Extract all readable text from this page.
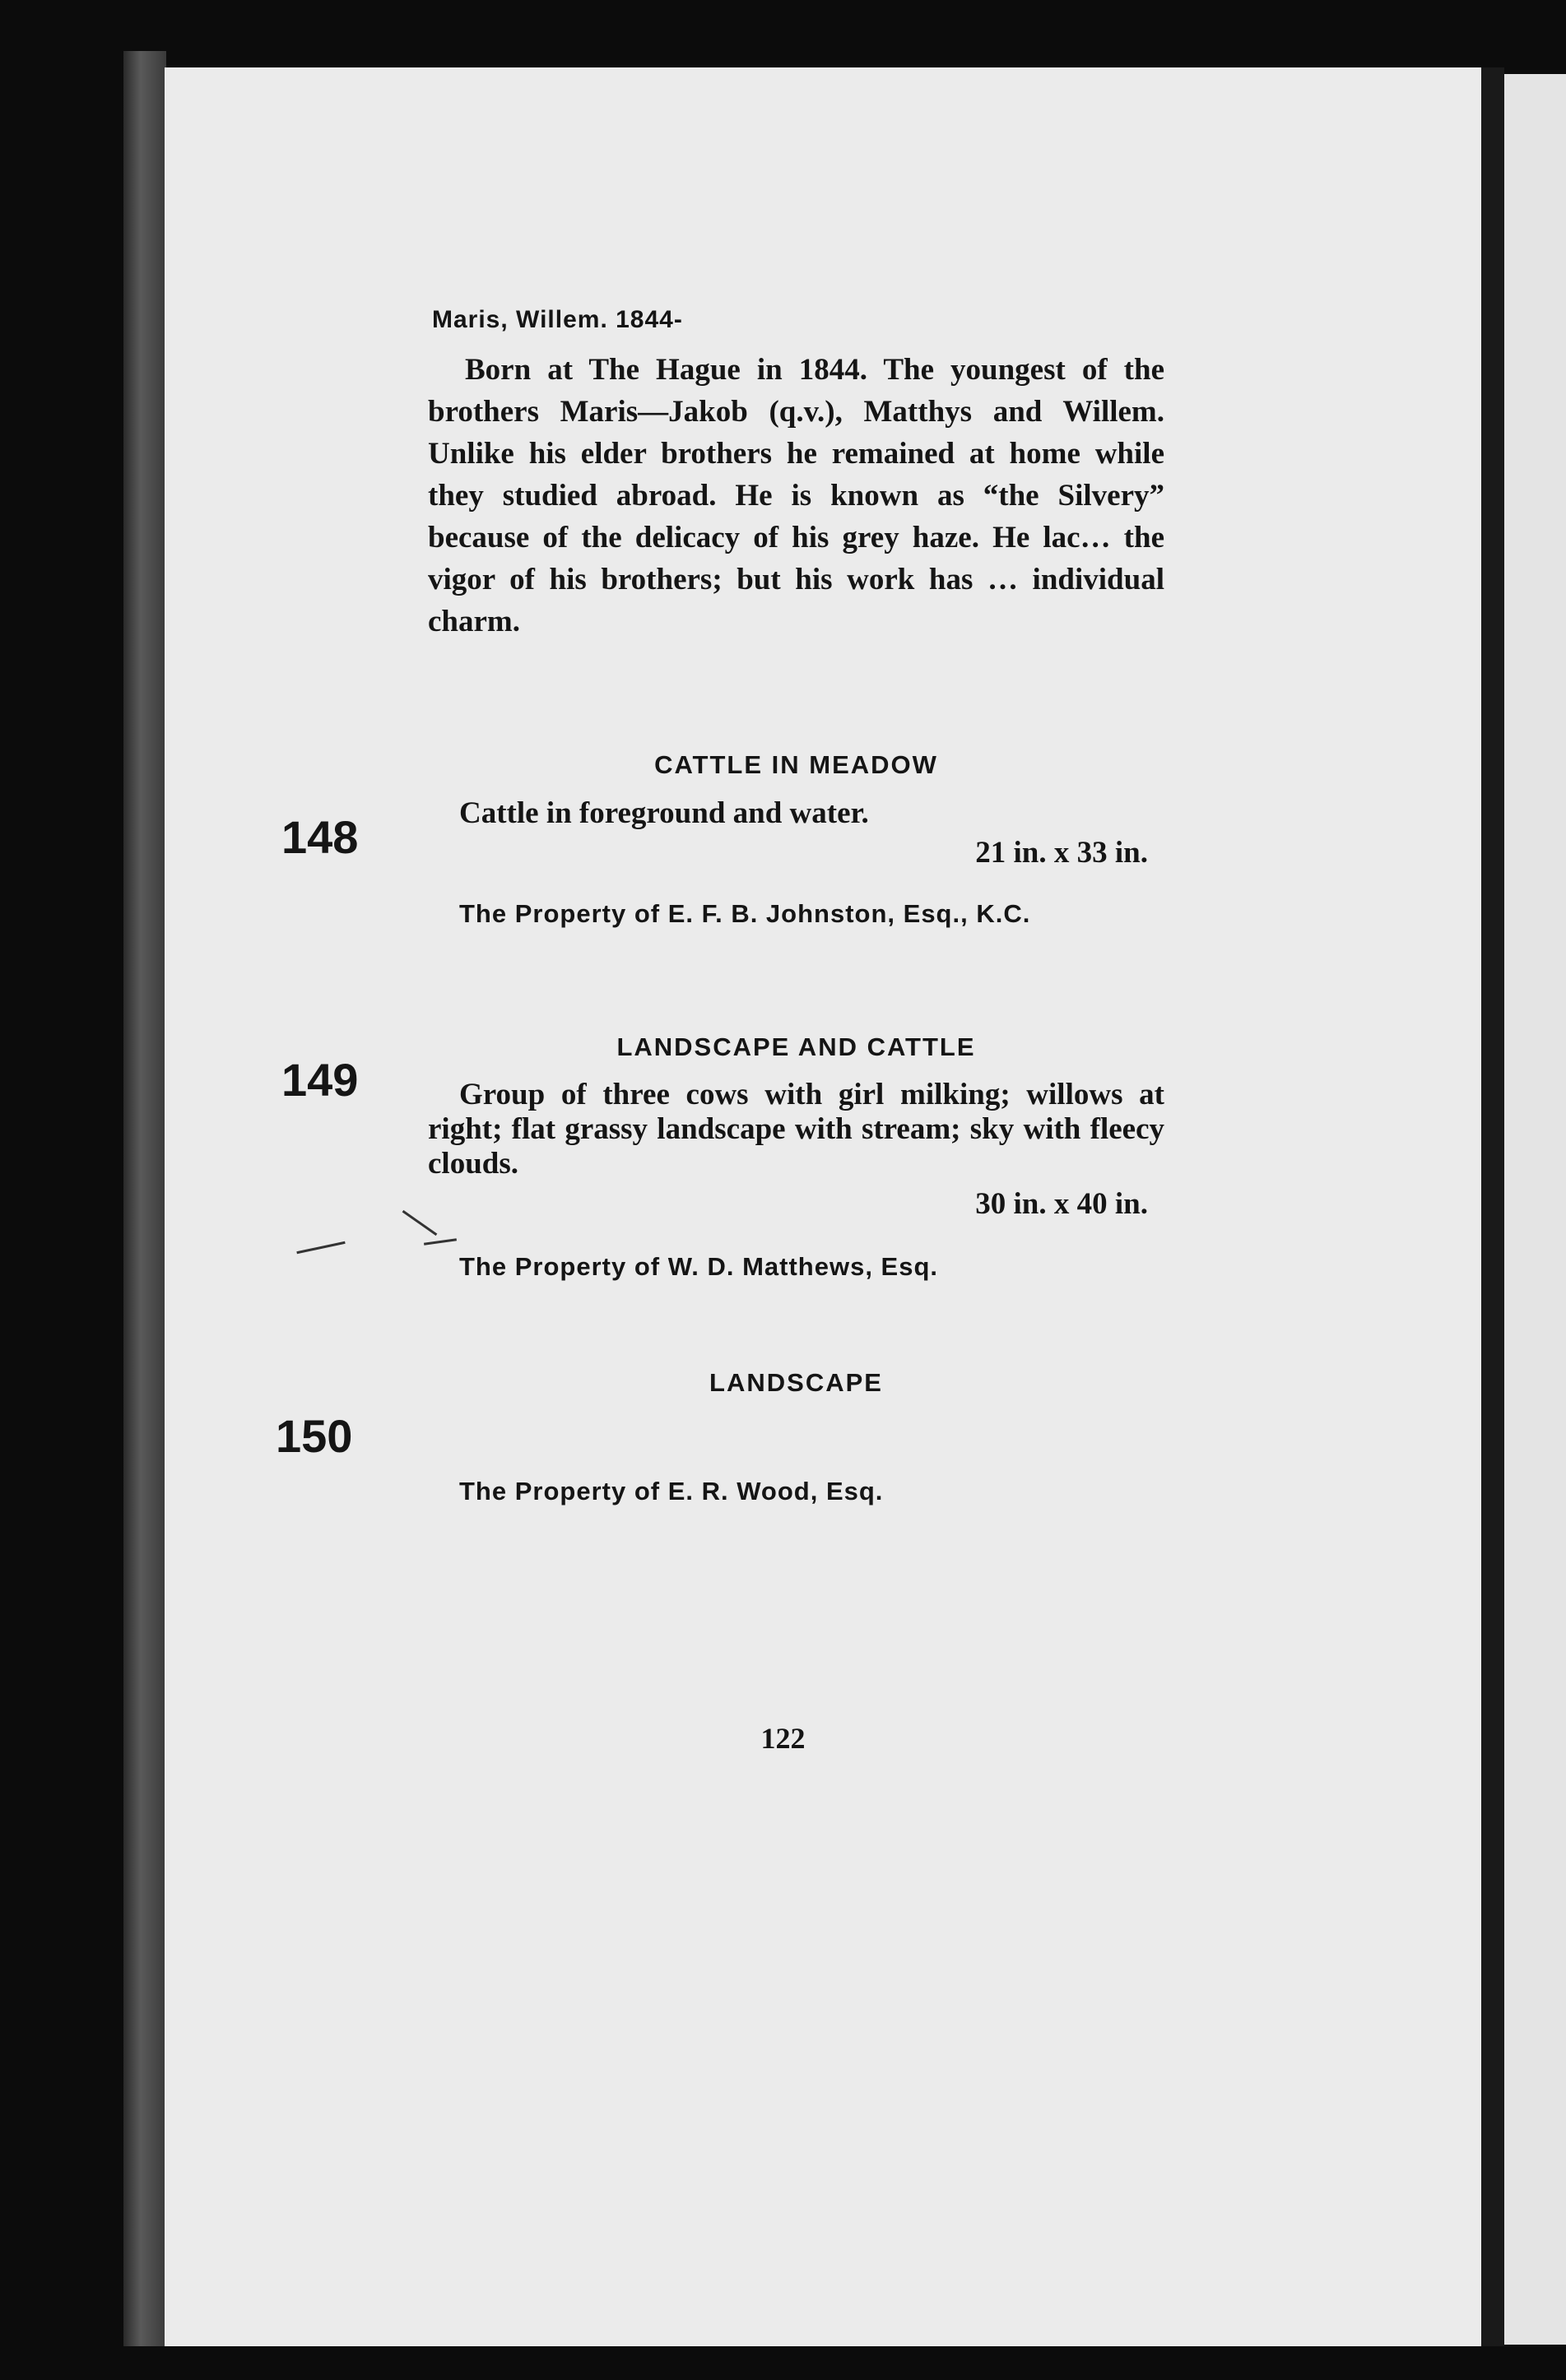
Maris, Willem. 1844-

Born at The Hague in 1844. The youngest of the brothers Maris—Jakob (q.v.), Matthys and Willem. Unlike his elder brothers he remained at home while they studied abroad. He is known as “the Silvery” because of the delicacy of his grey haze. He lac… the vigor of his brothers; but his work has … individual charm.

148
CATTLE IN MEADOW

Cattle in foreground and water.

21 in. x 33 in.

The Property of E. F. B. Johnston, Esq., K.C.

149
LANDSCAPE AND CATTLE

Group of three cows with girl milking; willows at right; flat grassy landscape with stream; sky with fleecy clouds.

30 in. x 40 in.

The Property of W. D. Matthews, Esq.

150
LANDSCAPE

The Property of E. R. Wood, Esq.

122
